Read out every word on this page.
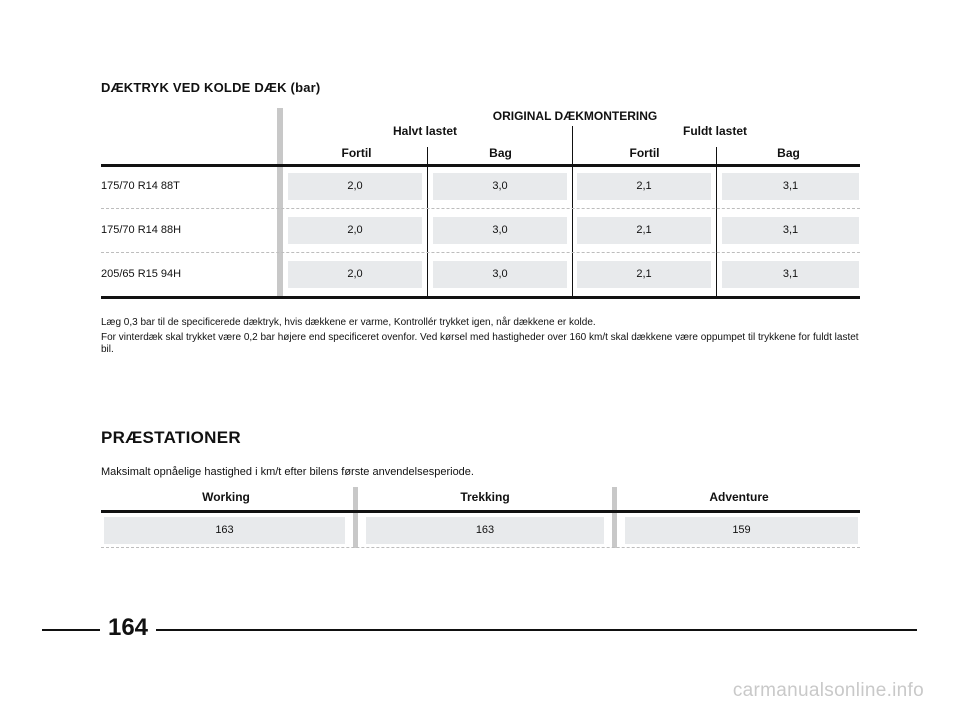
DÆKTRYK VED KOLDE DÆK (bar)
ORIGINAL DÆKMONTERING
Halvt lastet	Fuldt lastet
Fortil	Bag	Fortil	Bag
175/70 R14 88T	2,0	3,0	2,1	3,1
175/70 R14 88H	2,0	3,0	2,1	3,1
205/65 R15 94H	2,0	3,0	2,1	3,1
Læg 0,3 bar til de specificerede dæktryk, hvis dækkene er varme, Kontrollér trykket igen, når dækkene er kolde.
For vinterdæk skal trykket være 0,2 bar højere end specificeret ovenfor. Ved kørsel med hastigheder over 160 km/t skal dækkene være oppumpet til trykkene for fuldt lastet bil.
PRÆSTATIONER
Maksimalt opnåelige hastighed i km/t efter bilens første anvendelsesperiode.
Working	Trekking	Adventure
163	163	159
164
carmanualsonline.info
